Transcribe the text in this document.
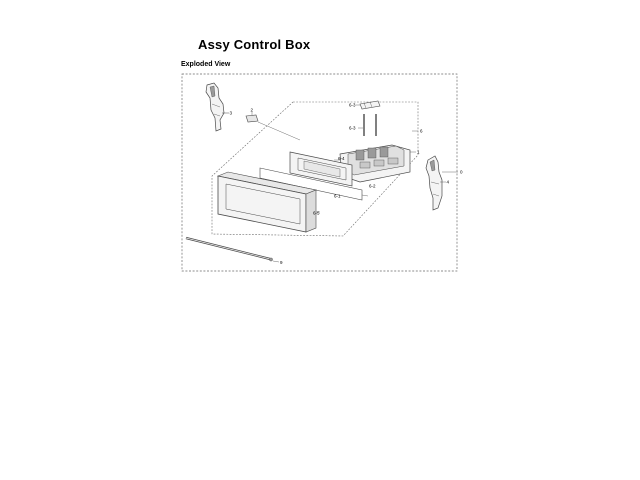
Assy Control Box
Exploded View
3
2
6-3
6-3
6
1
6-4
0
4
6-2
6-1
6-5
9
